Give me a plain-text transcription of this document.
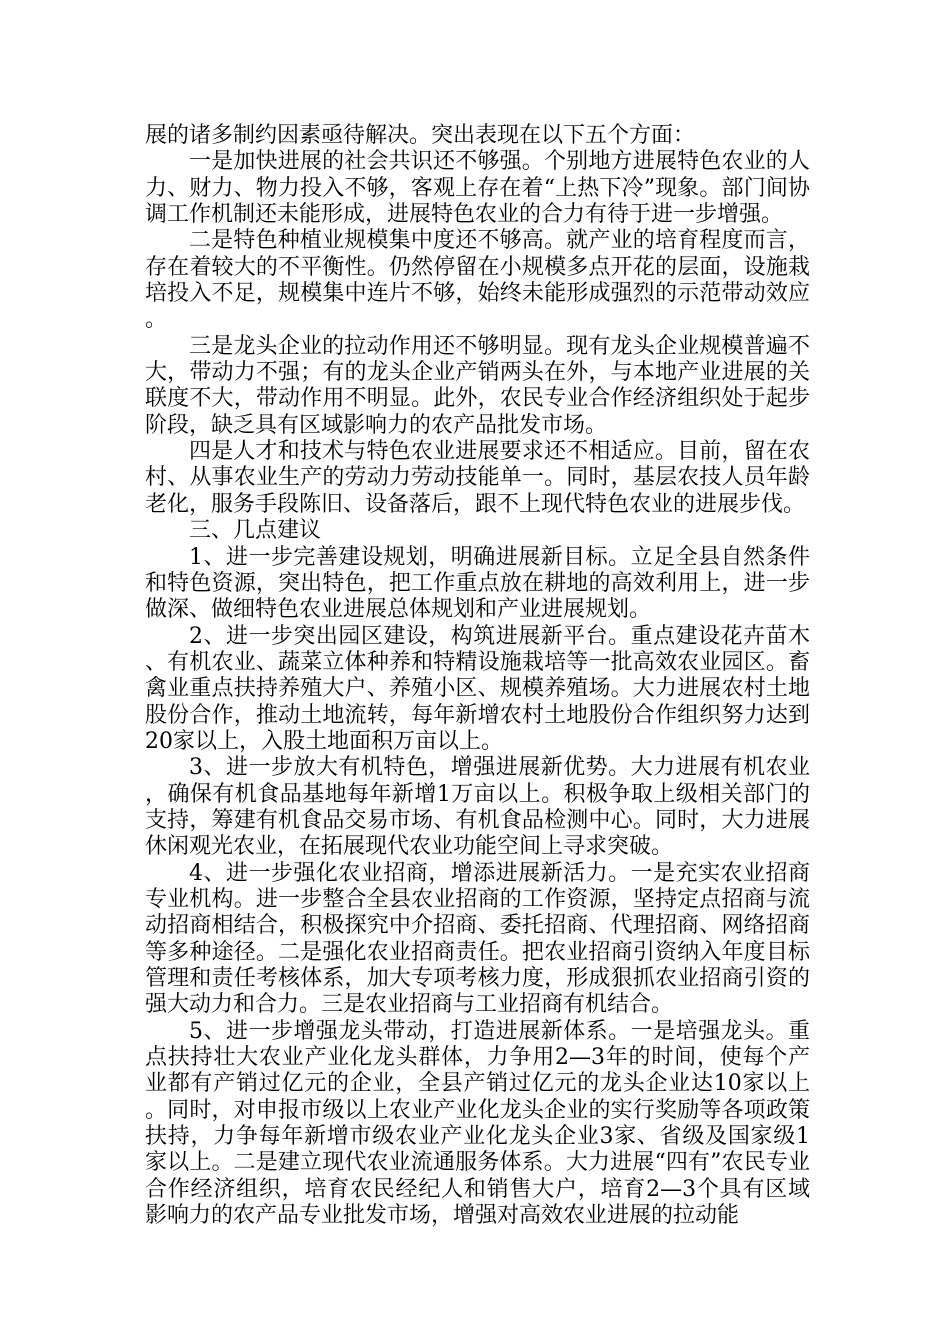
展的诸多制约因素亟待解决。突出表现在以下五个方面：

一是加快进展的社会共识还不够强。个别地方进展特色农业的人力、财力、物力投入不够，客观上存在着“上热下冷”现象。部门间协调工作机制还未能形成，进展特色农业的合力有待于进一步增强。

二是特色种植业规模集中度还不够高。就产业的培育程度而言，存在着较大的不平衡性。仍然停留在小规模多点开花的层面，设施栽培投入不足，规模集中连片不够，始终未能形成强烈的示范带动效应。

三是龙头企业的拉动作用还不够明显。现有龙头企业规模普遍不大，带动力不强；有的龙头企业产销两头在外，与本地产业进展的关联度不大，带动作用不明显。此外，农民专业合作经济组织处于起步阶段，缺乏具有区域影响力的农产品批发市场。

四是人才和技术与特色农业进展要求还不相适应。目前，留在农村、从事农业生产的劳动力劳动技能单一。同时，基层农技人员年龄老化，服务手段陈旧、设备落后，跟不上现代特色农业的进展步伐。

三、几点建议

1、进一步完善建设规划，明确进展新目标。立足全县自然条件和特色资源，突出特色，把工作重点放在耕地的高效利用上，进一步做深、做细特色农业进展总体规划和产业进展规划。

2、进一步突出园区建设，构筑进展新平台。重点建设花卉苗木、有机农业、蔬菜立体种养和特精设施栽培等一批高效农业园区。畜禽业重点扶持养殖大户、养殖小区、规模养殖场。大力进展农村土地股份合作，推动土地流转，每年新增农村土地股份合作组织努力达到20家以上，入股土地面积万亩以上。

3、进一步放大有机特色，增强进展新优势。大力进展有机农业，确保有机食品基地每年新增1万亩以上。积极争取上级相关部门的支持，筹建有机食品交易市场、有机食品检测中心。同时，大力进展休闲观光农业，在拓展现代农业功能空间上寻求突破。

4、进一步强化农业招商，增添进展新活力。一是充实农业招商专业机构。进一步整合全县农业招商的工作资源，坚持定点招商与流动招商相结合，积极探究中介招商、委托招商、代理招商、网络招商等多种途径。二是强化农业招商责任。把农业招商引资纳入年度目标管理和责任考核体系，加大专项考核力度，形成狠抓农业招商引资的强大动力和合力。三是农业招商与工业招商有机结合。

5、进一步增强龙头带动，打造进展新体系。一是培强龙头。重点扶持壮大农业产业化龙头群体，力争用2—3年的时间，使每个产业都有产销过亿元的企业，全县产销过亿元的龙头企业达10家以上。同时，对申报市级以上农业产业化龙头企业的实行奖励等各项政策扶持，力争每年新增市级农业产业化龙头企业3家、省级及国家级1家以上。二是建立现代农业流通服务体系。大力进展“四有”农民专业合作经济组织，培育农民经纪人和销售大户，培育2—3个具有区域影响力的农产品专业批发市场，增强对高效农业进展的拉动能
